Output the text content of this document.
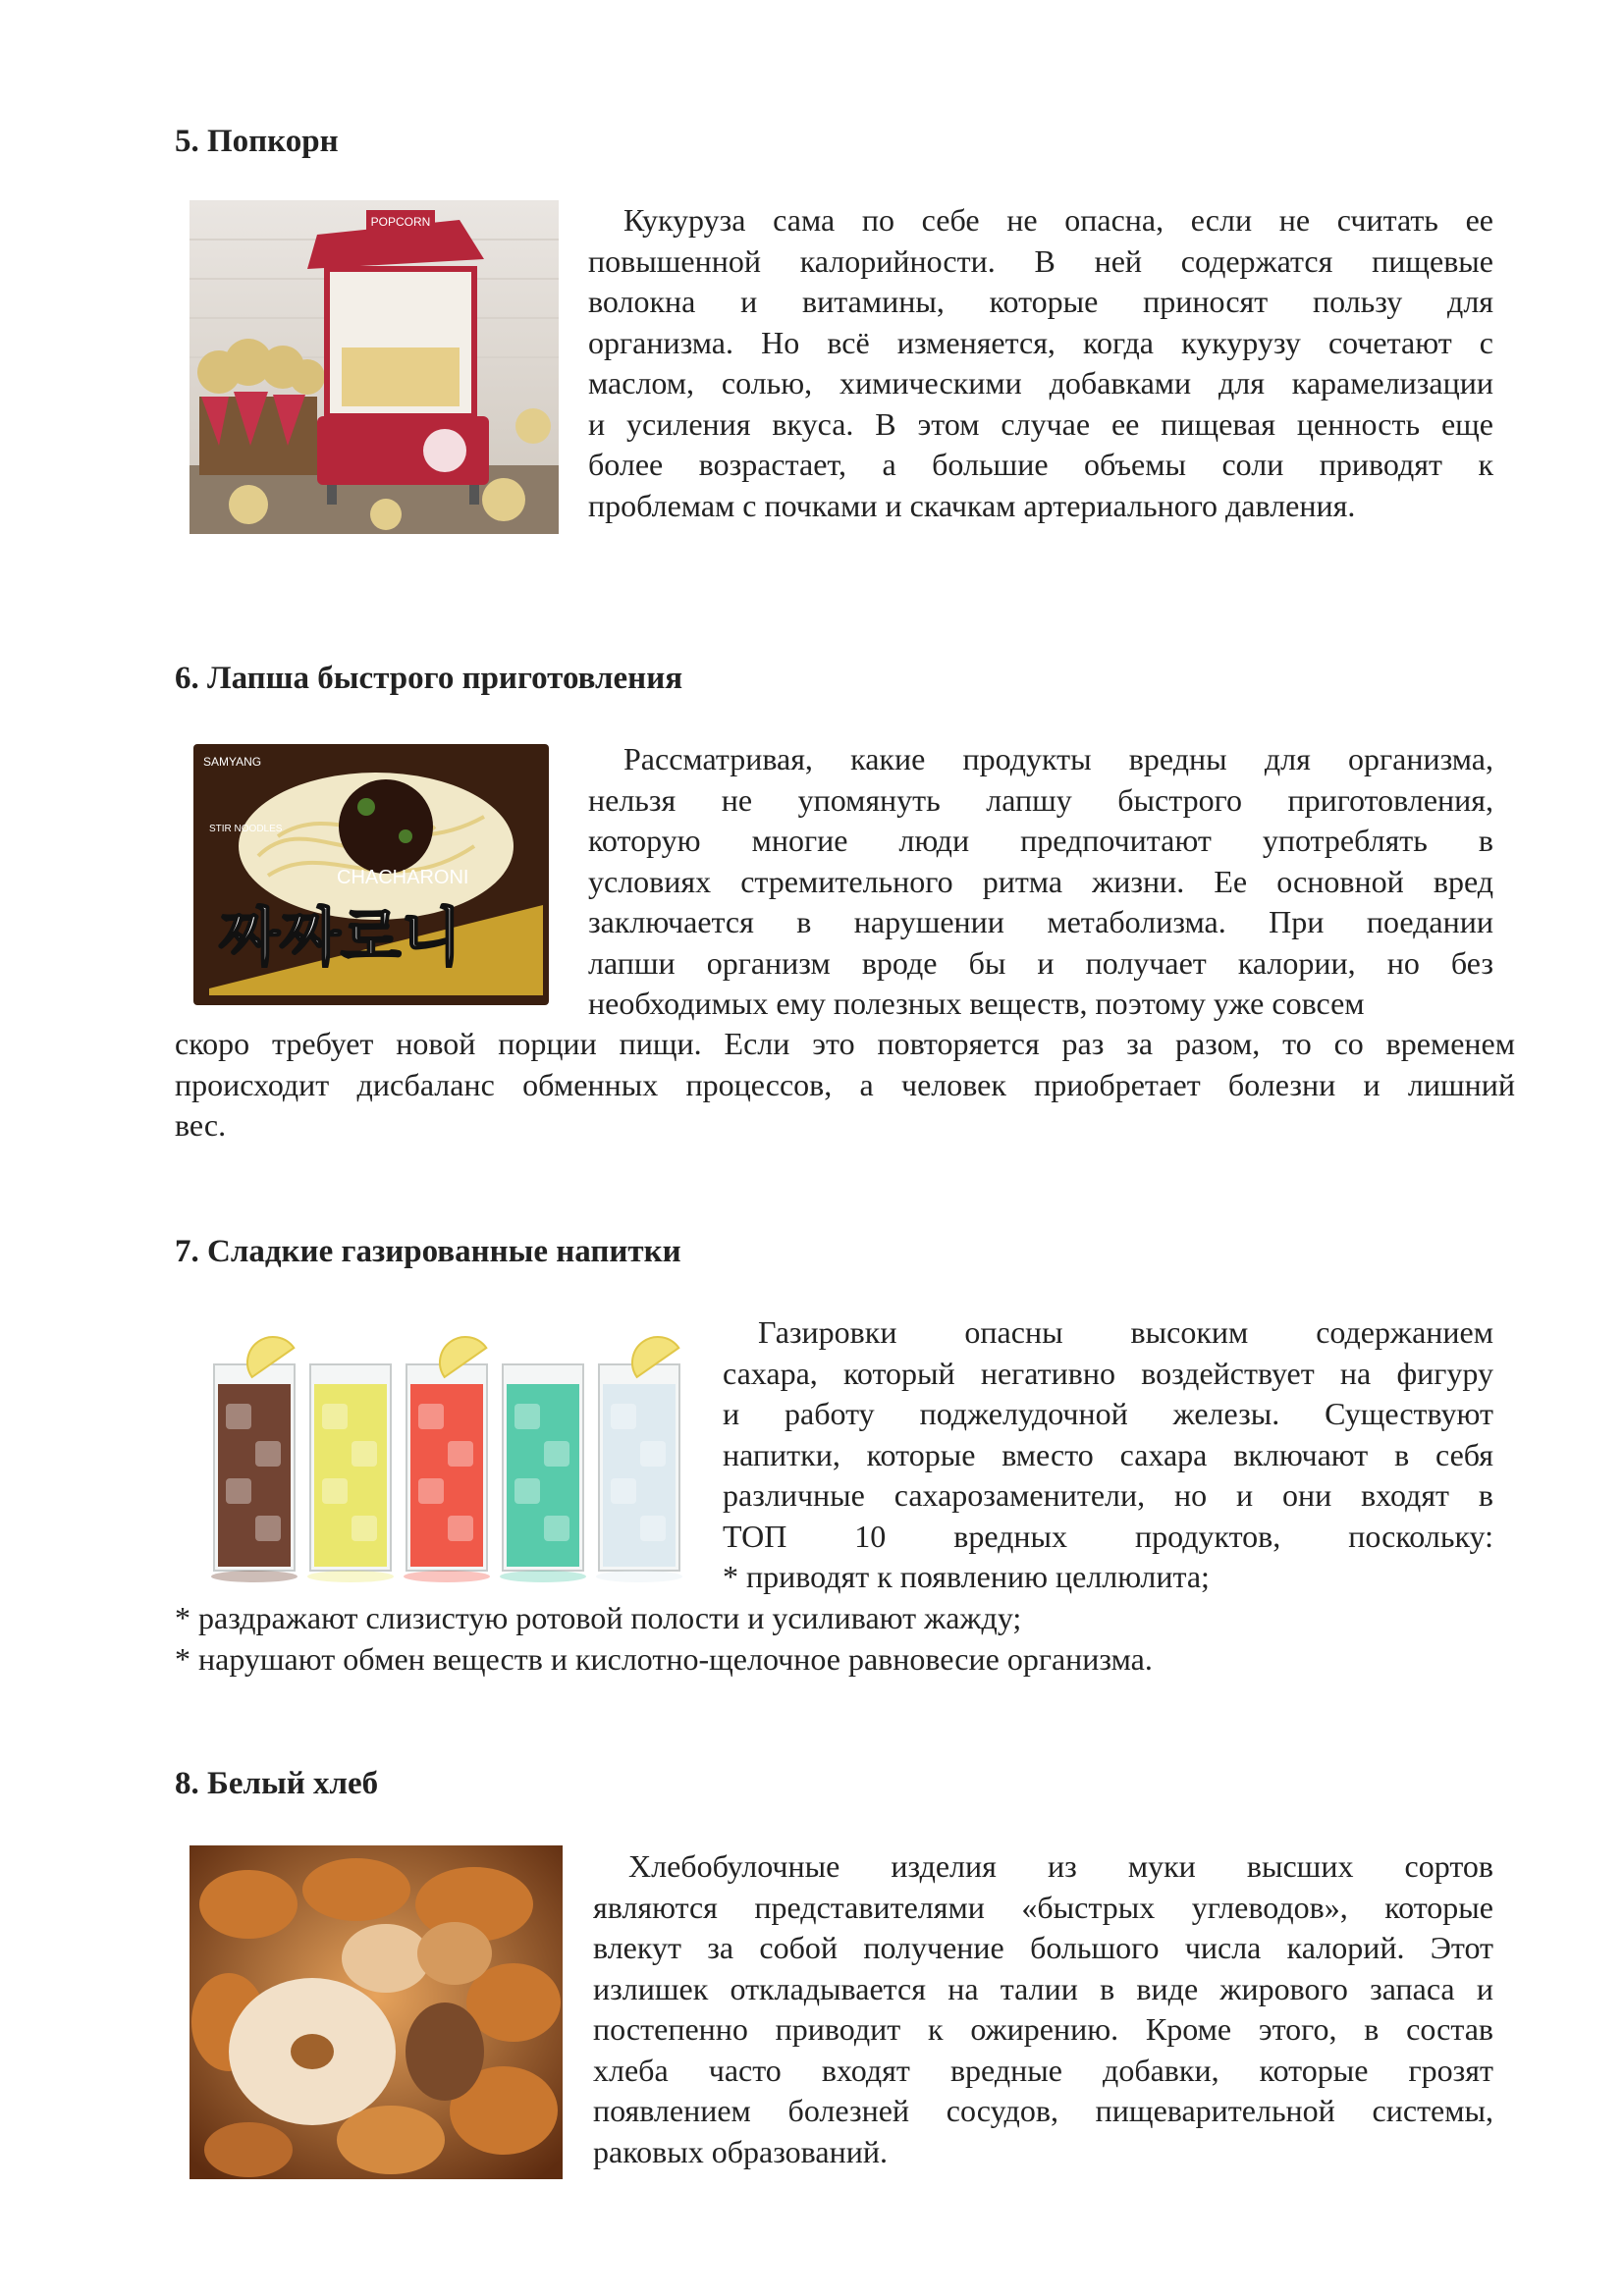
5. Попкорн
POPCORN	Кукуруза сама по себе не опасна, если не считать ее
повышенной калорийности. В ней содержатся пищевые
волокна и витамины, которые приносят пользу для
организма. Но всё изменяется, когда кукурузу сочетают с
маслом, солью, химическими добавками для карамелизации
и усиления вкуса. В этом случае ее пищевая ценность еще
более возрастает, а большие объемы соли приводят к
проблемам с почками и скачкам артериального давления.
6. Лапша быстрого приготовления
CHACHARONI
SAMYANG
STIR NOODLES
짜짜로니
Рассматривая, какие продукты вредны для организма,
нельзя не упомянуть лапшу быстрого приготовления,
которую многие люди предпочитают употреблять в
условиях стремительного ритма жизни. Ее основной вред
заключается в нарушении метаболизма. При поедании
лапши организм вроде бы и получает калории, но без
необходимых ему полезных веществ, поэтому уже совсем
скоро требует новой порции пищи. Если это повторяется раз за разом, то со временем
происходит дисбаланс обменных процессов, а человек приобретает болезни и лишний
вес.
7. Сладкие газированные напитки
Газировки опасны высоким содержанием
сахара, который негативно воздействует на фигуру
и работу поджелудочной железы. Существуют
напитки, которые вместо сахара включают в себя
различные сахарозаменители, но и они входят в
ТОП 10 вредных продуктов, поскольку:
* приводят к появлению целлюлита;
* раздражают слизистую ротовой полости и усиливают жажду;
* нарушают обмен веществ и кислотно-щелочное равновесие организма.
8. Белый хлеб
Хлебобулочные изделия из муки высших сортов
являются представителями «быстрых углеводов», которые
влекут за собой получение большого числа калорий. Этот
излишек откладывается на талии в виде жирового запаса и
постепенно приводит к ожирению. Кроме этого, в состав
хлеба часто входят вредные добавки, которые грозят
появлением болезней сосудов, пищеварительной системы,
раковых образований.
